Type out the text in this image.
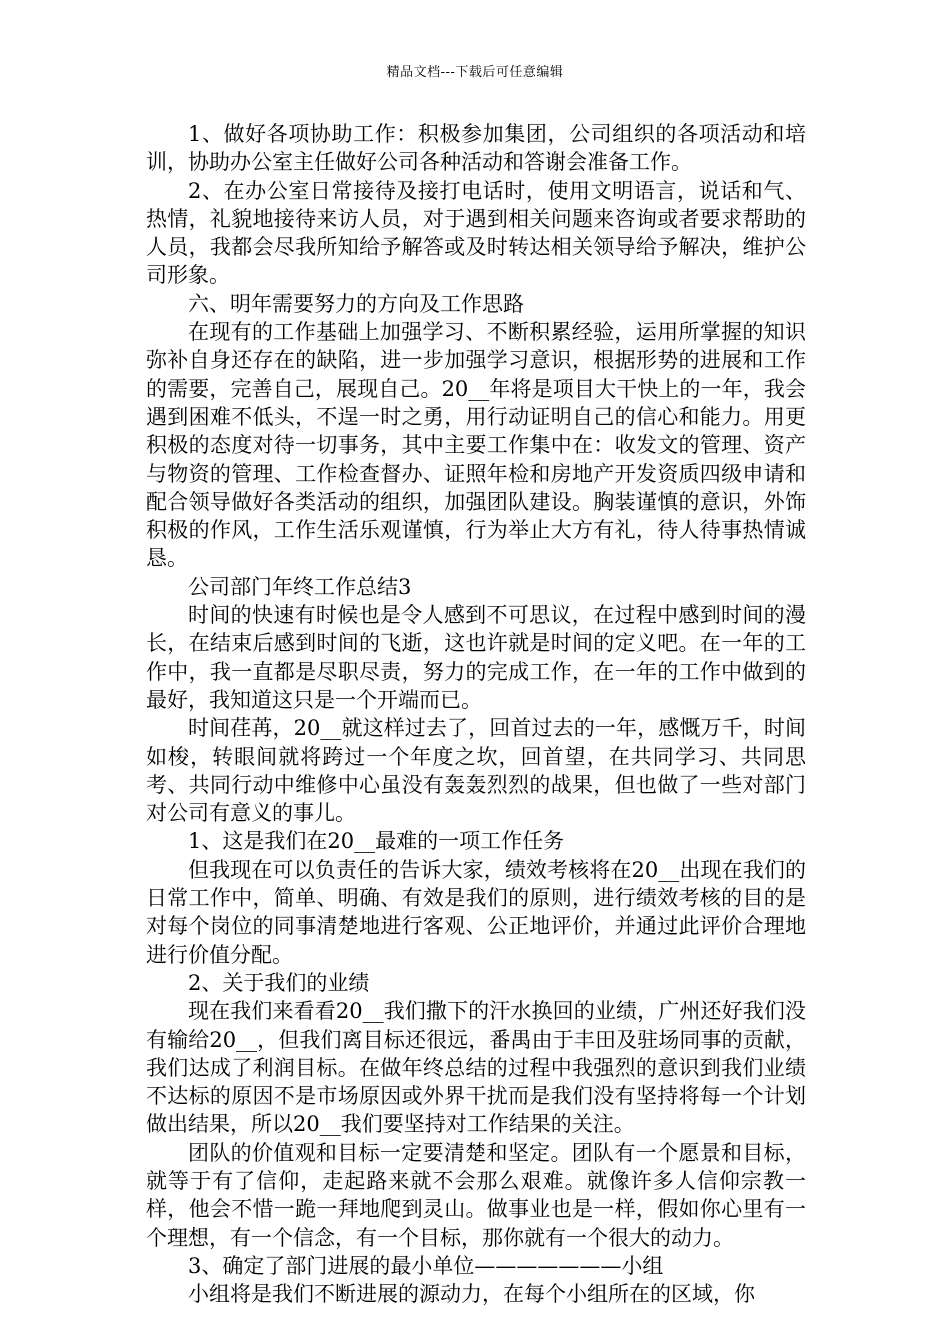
精品文档---下载后可任意编辑

1、做好各项协助工作：积极参加集团，公司组织的各项活动和培训，协助办公室主任做好公司各种活动和答谢会准备工作。

2、在办公室日常接待及接打电话时，使用文明语言，说话和气、热情，礼貌地接待来访人员，对于遇到相关问题来咨询或者要求帮助的人员，我都会尽我所知给予解答或及时转达相关领导给予解决，维护公司形象。

六、明年需要努力的方向及工作思路

在现有的工作基础上加强学习、不断积累经验，运用所掌握的知识弥补自身还存在的缺陷，进一步加强学习意识，根据形势的进展和工作的需要，完善自己，展现自己。20__年将是项目大干快上的一年，我会遇到困难不低头，不逞一时之勇，用行动证明自己的信心和能力。用更积极的态度对待一切事务，其中主要工作集中在：收发文的管理、资产与物资的管理、工作检查督办、证照年检和房地产开发资质四级申请和配合领导做好各类活动的组织，加强团队建设。胸装谨慎的意识，外饰积极的作风，工作生活乐观谨慎，行为举止大方有礼，待人待事热情诚恳。

公司部门年终工作总结3

时间的快速有时候也是令人感到不可思议，在过程中感到时间的漫长，在结束后感到时间的飞逝，这也许就是时间的定义吧。在一年的工作中，我一直都是尽职尽责，努力的完成工作，在一年的工作中做到的最好，我知道这只是一个开端而已。

时间荏苒，20__就这样过去了，回首过去的一年，感慨万千，时间如梭，转眼间就将跨过一个年度之坎，回首望，在共同学习、共同思考、共同行动中维修中心虽没有轰轰烈烈的战果，但也做了一些对部门对公司有意义的事儿。

1、这是我们在20__最难的一项工作任务

但我现在可以负责任的告诉大家，绩效考核将在20__出现在我们的日常工作中，简单、明确、有效是我们的原则，进行绩效考核的目的是对每个岗位的同事清楚地进行客观、公正地评价，并通过此评价合理地进行价值分配。

2、关于我们的业绩

现在我们来看看20__我们撒下的汗水换回的业绩，广州还好我们没有输给20__，但我们离目标还很远，番禺由于丰田及驻场同事的贡献，我们达成了利润目标。在做年终总结的过程中我强烈的意识到我们业绩不达标的原因不是市场原因或外界干扰而是我们没有坚持将每一个计划做出结果，所以20__我们要坚持对工作结果的关注。

团队的价值观和目标一定要清楚和坚定。团队有一个愿景和目标，就等于有了信仰，走起路来就不会那么艰难。就像许多人信仰宗教一样，他会不惜一跪一拜地爬到灵山。做事业也是一样，假如你心里有一个理想，有一个信念，有一个目标，那你就有一个很大的动力。

3、确定了部门进展的最小单位———————小组

小组将是我们不断进展的源动力，在每个小组所在的区域，你
